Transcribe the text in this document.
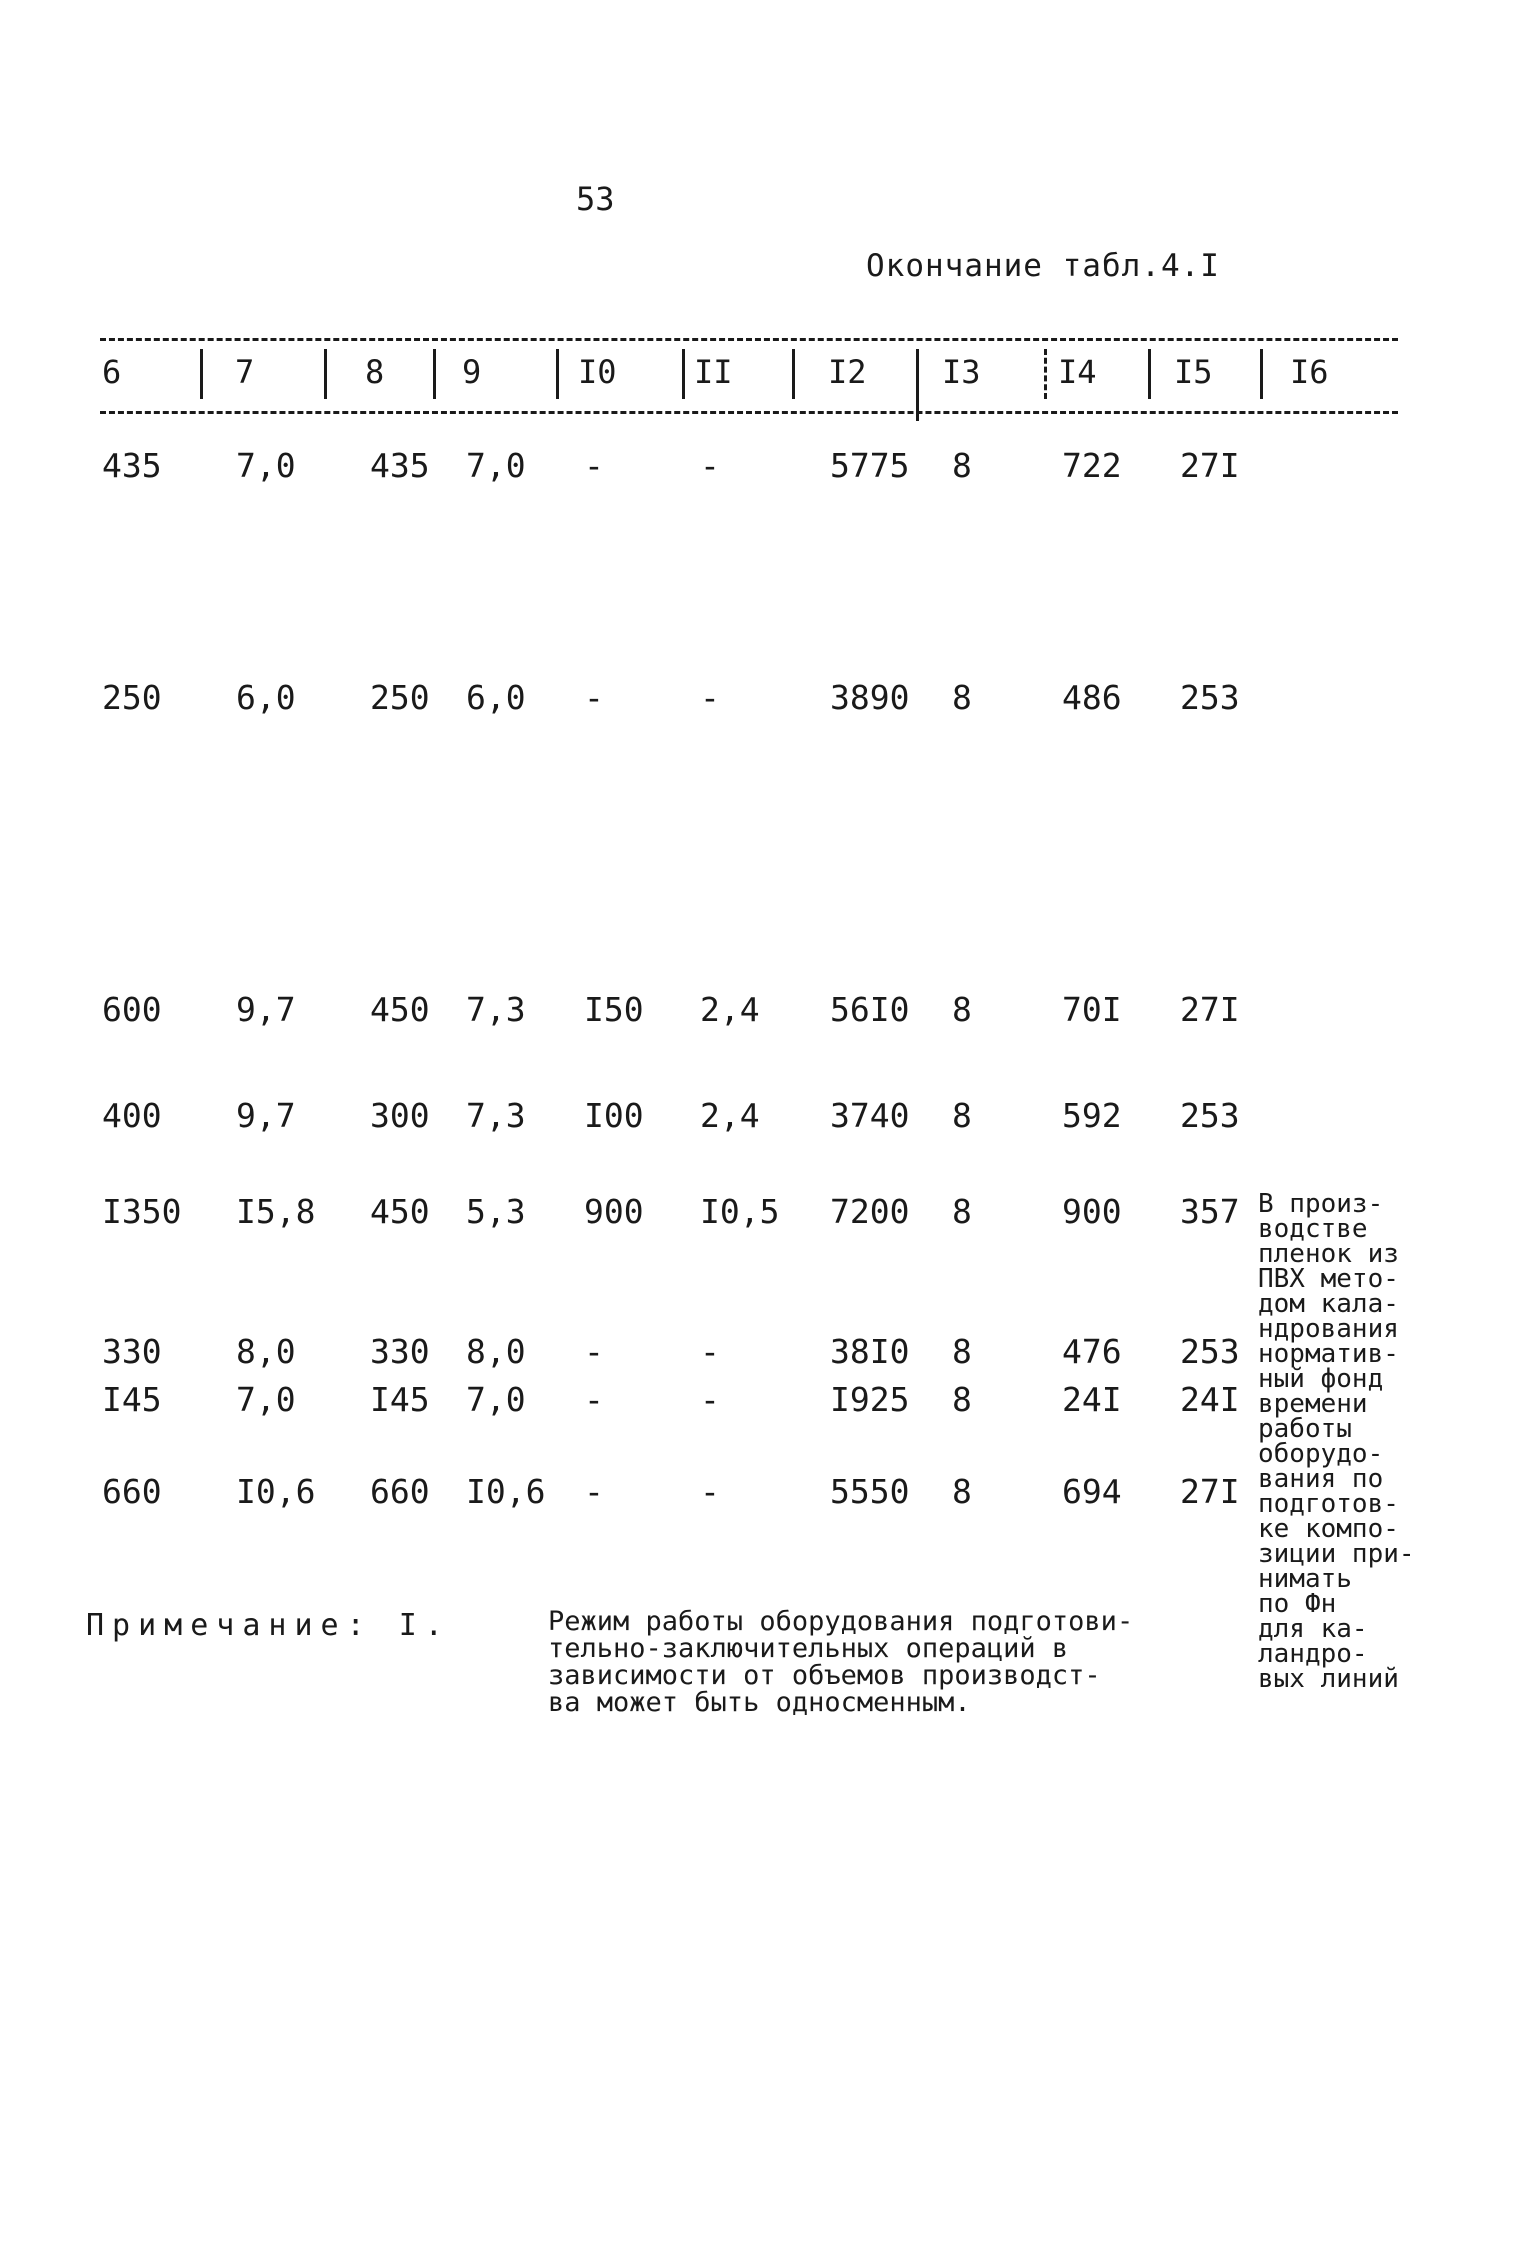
53
Окончание табл.4.I
6	7	8 9	I0 II	I2 I3 I4 I5 I6
435 7,0 435 7,0 -	-	5775 8	722 27I
250 6,0 250 6,0 -	-	3890 8	486 253
600 9,7 450 7,3 I50 2,4 56I0 8	70I 27I
400 9,7 300 7,3 I00 2,4 3740 8	592 253
I350 I5,8 450 5,3 900 I0,5 7200 8	900 357
330 8,0 330 8,0 -	-	38I0 8	476 253
I45 7,0 I45 7,0 -	-	I925 8	24I 24I
660 I0,6 660 I0,6 -	-	5550 8	694 27I
В произ-
водстве
пленок из
ПВХ мето-
дом кала-
ндрования
норматив-
ный фонд
времени
работы
оборудо-
вания по
подготов-
ке компо-
зиции при-
нимать
по Фн
для ка-
ландро-
вых линий
Примечание: I.	Режим работы оборудования подготови-
тельно-заключительных операций в
зависимости от объемов производст-
ва может быть односменным.
